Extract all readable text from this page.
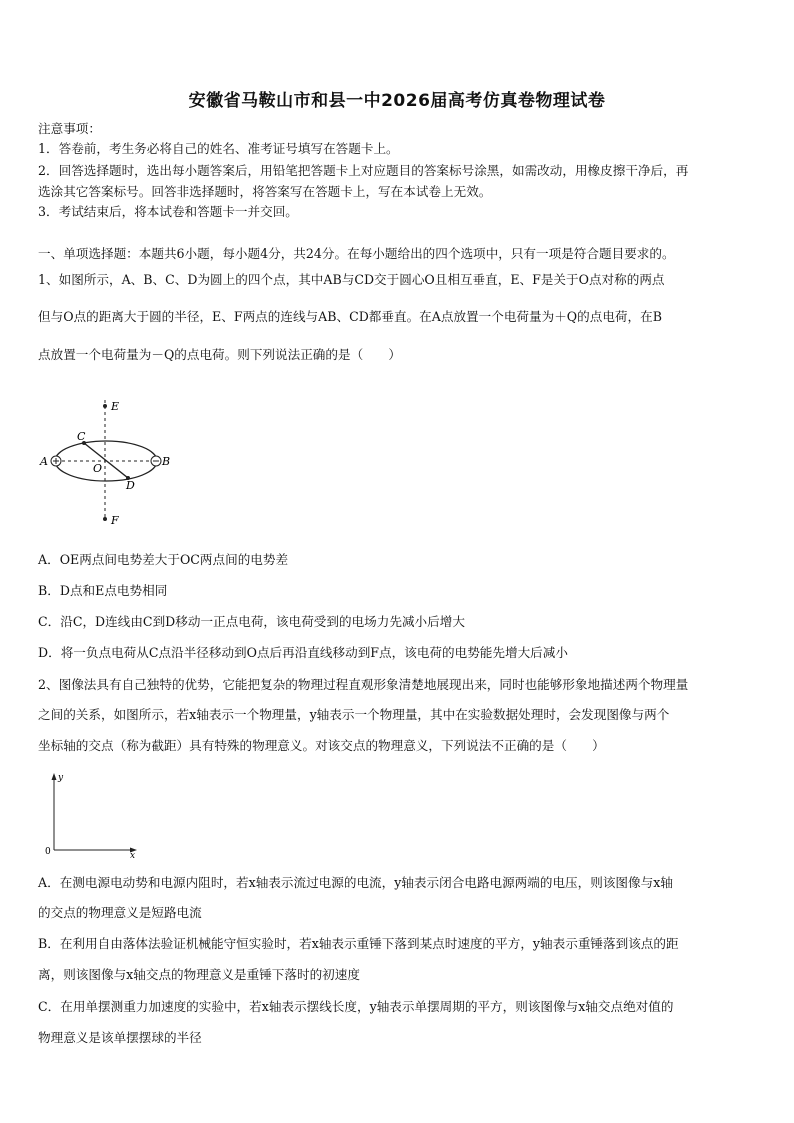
安徽省马鞍山市和县一中2026届高考仿真卷物理试卷
注意事项：
1．答卷前，考生务必将自己的姓名、准考证号填写在答题卡上。
2．回答选择题时，选出每小题答案后，用铅笔把答题卡上对应题目的答案标号涂黑，如需改动，用橡皮擦干净后，再
选涂其它答案标号。回答非选择题时，将答案写在答题卡上，写在本试卷上无效。
3．考试结束后，将本试卷和答题卡一并交回。
一、单项选择题：本题共6小题，每小题4分，共24分。在每小题给出的四个选项中，只有一项是符合题目要求的。
1、如图所示，A、B、C、D为圆上的四个点，其中AB与CD交于圆心O且相互垂直，E、F是关于O点对称的两点
但与O点的距离大于圆的半径，E、F两点的连线与AB、CD都垂直。在A点放置一个电荷量为＋Q的点电荷，在B
点放置一个电荷量为－Q的点电荷。则下列说法正确的是（　　）
E
F
A	B
C
D
O
A．OE两点间电势差大于OC两点间的电势差
B．D点和E点电势相同
C．沿C，D连线由C到D移动一正点电荷，该电荷受到的电场力先减小后增大
D．将一负点电荷从C点沿半径移动到O点后再沿直线移动到F点，该电荷的电势能先增大后减小
2、图像法具有自己独特的优势，它能把复杂的物理过程直观形象清楚地展现出来，同时也能够形象地描述两个物理量
之间的关系，如图所示，若x轴表示一个物理量，y轴表示一个物理量，其中在实验数据处理时，会发现图像与两个
坐标轴的交点（称为截距）具有特殊的物理意义。对该交点的物理意义，下列说法不正确的是（　　）
y
x
0
A．在测电源电动势和电源内阻时，若x轴表示流过电源的电流，y轴表示闭合电路电源两端的电压，则该图像与x轴
的交点的物理意义是短路电流
B．在利用自由落体法验证机械能守恒实验时，若x轴表示重锤下落到某点时速度的平方，y轴表示重锤落到该点的距
离，则该图像与x轴交点的物理意义是重锤下落时的初速度
C．在用单摆测重力加速度的实验中，若x轴表示摆线长度，y轴表示单摆周期的平方，则该图像与x轴交点绝对值的
物理意义是该单摆摆球的半径
